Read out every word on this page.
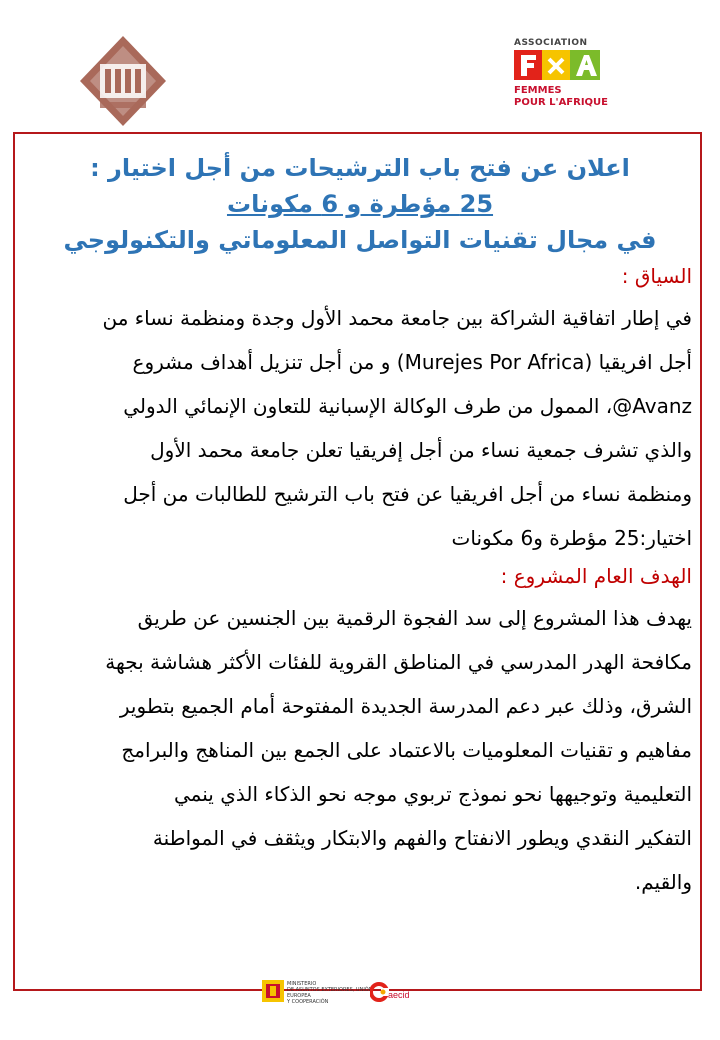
ASSOCIATION
FEMMES
POUR L'AFRIQUE

اعلان عن فتح باب الترشيحات من أجل اختيار :

25 مؤطرة و 6 مكونات

في مجال تقنيات التواصل المعلوماتي والتكنولوجي

السياق :

في إطار اتفاقية الشراكة بين جامعة محمد الأول وجدة ومنظمة نساء من

أجل افريقيا (Murejes Por Africa) و من أجل تنزيل أهداف مشروع

Avanz@، الممول من طرف الوكالة الإسبانية للتعاون الإنمائي الدولي

والذي تشرف جمعية نساء من أجل إفريقيا تعلن جامعة محمد الأول

ومنظمة نساء من أجل افريقيا عن فتح باب الترشيح للطالبات من أجل

اختيار:25 مؤطرة و6 مكونات

الهدف العام المشروع :

يهدف هذا المشروع إلى سد الفجوة الرقمية بين الجنسين عن طريق

مكافحة الهدر المدرسي في المناطق القروية للفئات الأكثر هشاشة بجهة

الشرق، وذلك عبر دعم المدرسة الجديدة المفتوحة أمام الجميع بتطوير

مفاهيم و تقنيات المعلوميات بالاعتماد على الجمع بين المناهج والبرامج

التعليمية وتوجيهها نحو نموذج تربوي موجه نحو الذكاء الذي ينمي

التفكير النقدي ويطور الانفتاح والفهم والابتكار ويثقف في المواطنة

والقيم.

MINISTERIO
DE ASUNTOS EXTERIORES, UNIÓN EUROPEA
Y COOPERACIÓN
aecid
